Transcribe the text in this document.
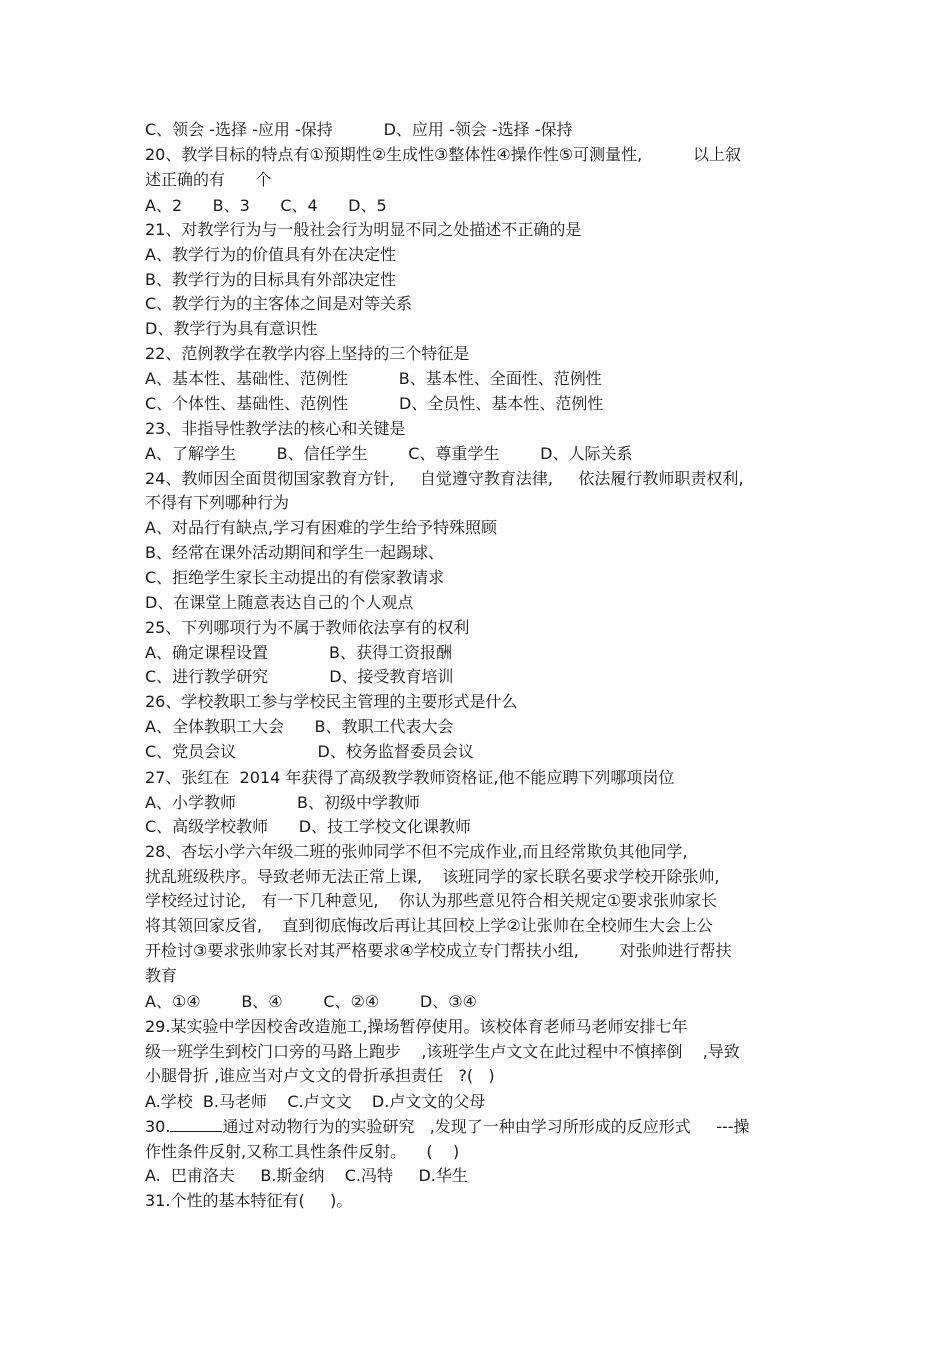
C、领会 -选择 -应用 -保持          D、应用 -领会 -选择 -保持
20、教学目标的特点有①预期性②生成性③整体性④操作性⑤可测量性,          以上叙
述正确的有      个
A、2      B、3      C、4      D、5
21、对教学行为与一般社会行为明显不同之处描述不正确的是
A、教学行为的价值具有外在决定性
B、教学行为的目标具有外部决定性
C、教学行为的主客体之间是对等关系
D、教学行为具有意识性
22、范例教学在教学内容上坚持的三个特征是
A、基本性、基础性、范例性          B、基本性、全面性、范例性
C、个体性、基础性、范例性          D、全员性、基本性、范例性
23、非指导性教学法的核心和关键是
A、了解学生        B、信任学生        C、尊重学生        D、人际关系
24、教师因全面贯彻国家教育方针,     自觉遵守教育法律,     依法履行教师职责权利,
不得有下列哪种行为
A、对品行有缺点,学习有困难的学生给予特殊照顾
B、经常在课外活动期间和学生一起踢球、
C、拒绝学生家长主动提出的有偿家教请求
D、在课堂上随意表达自己的个人观点
25、下列哪项行为不属于教师依法享有的权利
A、确定课程设置            B、获得工资报酬
C、进行教学研究            D、接受教育培训
26、学校教职工参与学校民主管理的主要形式是什么
A、全体教职工大会      B、教职工代表大会
C、党员会议                D、校务监督委员会议
27、张红在  2014 年获得了高级教学教师资格证,他不能应聘下列哪项岗位
A、小学教师            B、初级中学教师
C、高级学校教师      D、技工学校文化课教师
28、杏坛小学六年级二班的张帅同学不但不完成作业,而且经常欺负其他同学,
扰乱班级秩序。导致老师无法正常上课,    该班同学的家长联名要求学校开除张帅,
学校经过讨论,   有一下几种意见,    你认为那些意见符合相关规定①要求张帅家长
将其领回家反省,    直到彻底悔改后再让其回校上学②让张帅在全校师生大会上公
开检讨③要求张帅家长对其严格要求④学校成立专门帮扶小组,        对张帅进行帮扶
教育
A、①④        B、④        C、②④        D、③④
29.某实验中学因校舍改造施工,操场暂停使用。该校体育老师马老师安排七年
级一班学生到校门口旁的马路上跑步    ,该班学生卢文文在此过程中不慎摔倒    ,导致
小腿骨折 ,谁应当对卢文文的骨折承担责任   ?(   )
A.学校  B.马老师    C.卢文文    D.卢文文的父母
30.	通过对动物行为的实验研究   ,发现了一种由学习所形成的反应形式     ---操
作性条件反射,又称工具性条件反射。    (    )
A.  巴甫洛夫     B.斯金纳    C.冯特     D.华生
31.个性的基本特征有(     )。
